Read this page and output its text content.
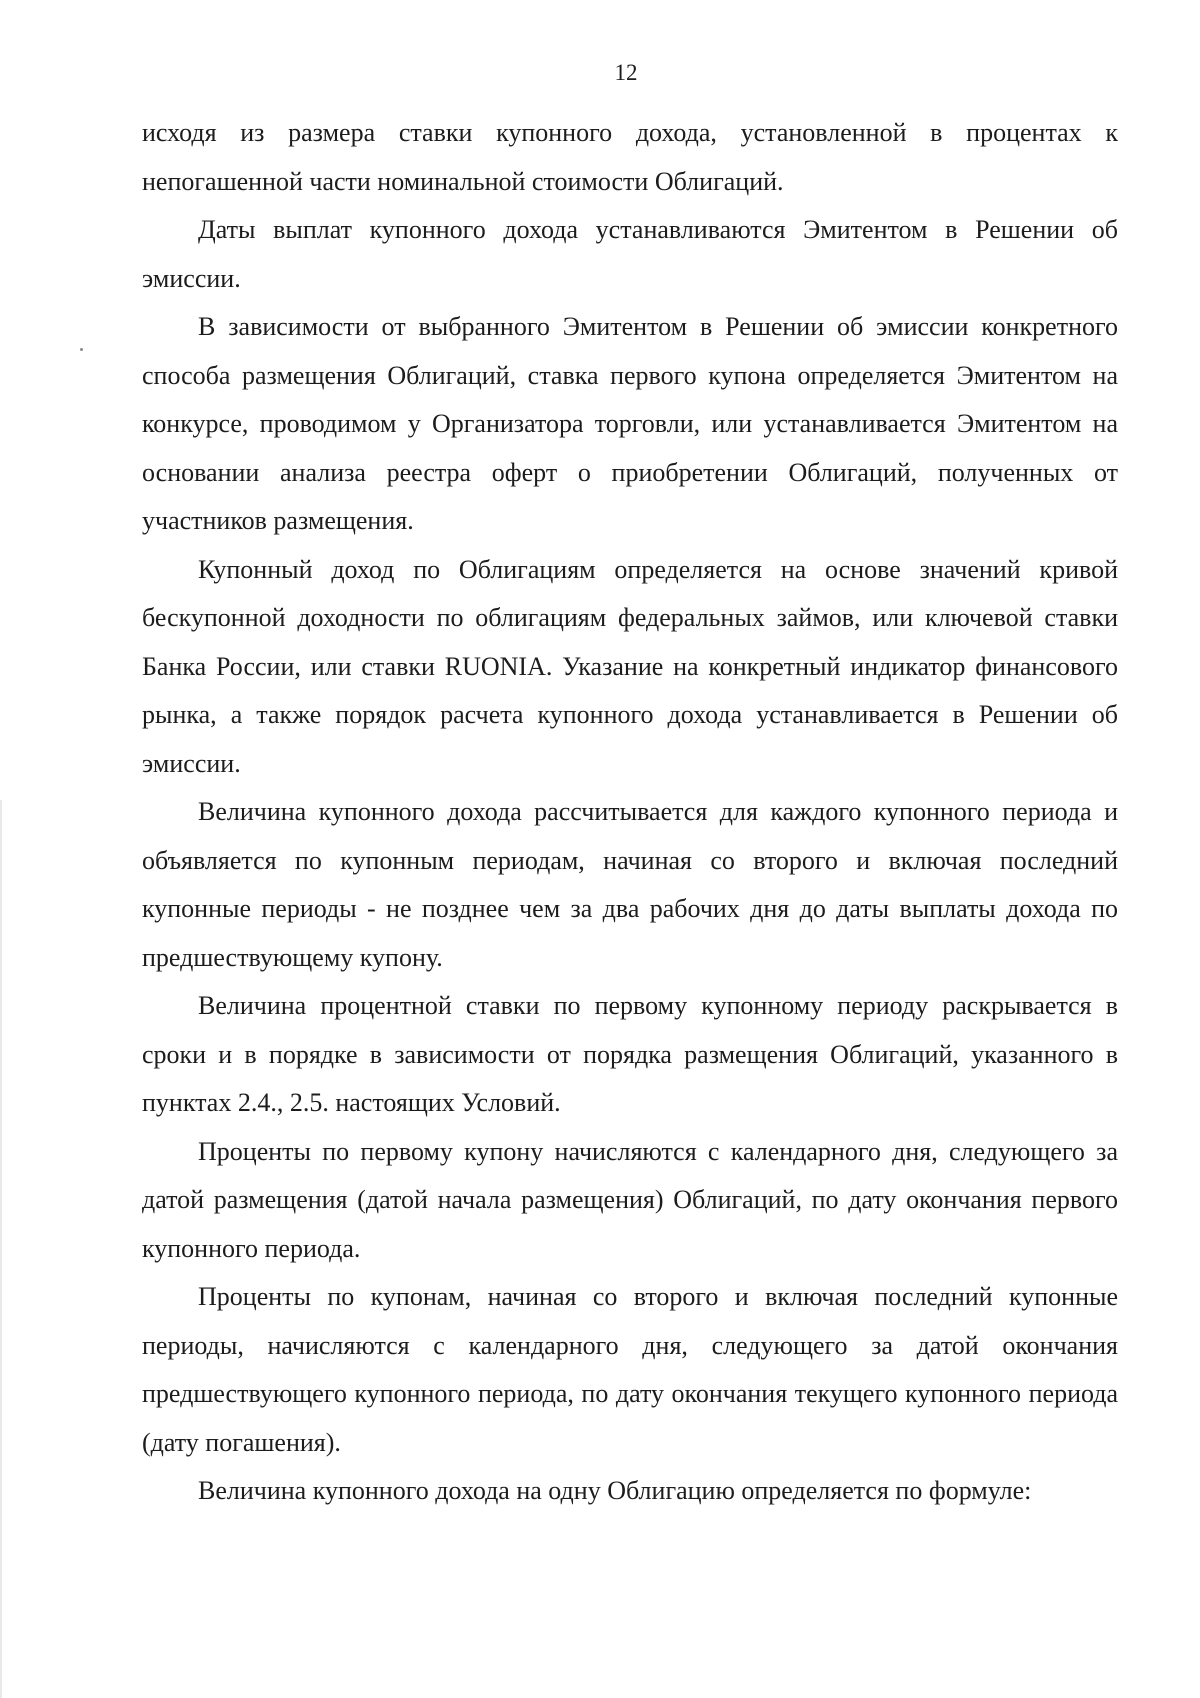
12

исходя из размера ставки купонного дохода, установленной в процентах к непогашенной части номинальной стоимости Облигаций.

Даты выплат купонного дохода устанавливаются Эмитентом в Решении об эмиссии.

В зависимости от выбранного Эмитентом в Решении об эмиссии конкретного способа размещения Облигаций, ставка первого купона определяется Эмитентом на конкурсе, проводимом у Организатора торговли, или устанавливается Эмитентом на основании анализа реестра оферт о приобретении Облигаций, полученных от участников размещения.

Купонный доход по Облигациям определяется на основе значений кривой бескупонной доходности по облигациям федеральных займов, или ключевой ставки Банка России, или ставки RUONIA. Указание на конкретный индикатор финансового рынка, а также порядок расчета купонного дохода устанавливается в Решении об эмиссии.

Величина купонного дохода рассчитывается для каждого купонного периода и объявляется по купонным периодам, начиная со второго и включая последний купонные периоды - не позднее чем за два рабочих дня до даты выплаты дохода по предшествующему купону.

Величина процентной ставки по первому купонному периоду раскрывается в сроки и в порядке в зависимости от порядка размещения Облигаций, указанного в пунктах 2.4., 2.5. настоящих Условий.

Проценты по первому купону начисляются с календарного дня, следующего за датой размещения (датой начала размещения) Облигаций, по дату окончания первого купонного периода.

Проценты по купонам, начиная со второго и включая последний купонные периоды, начисляются с календарного дня, следующего за датой окончания предшествующего купонного периода, по дату окончания текущего купонного периода (дату погашения).

Величина купонного дохода на одну Облигацию определяется по формуле:
